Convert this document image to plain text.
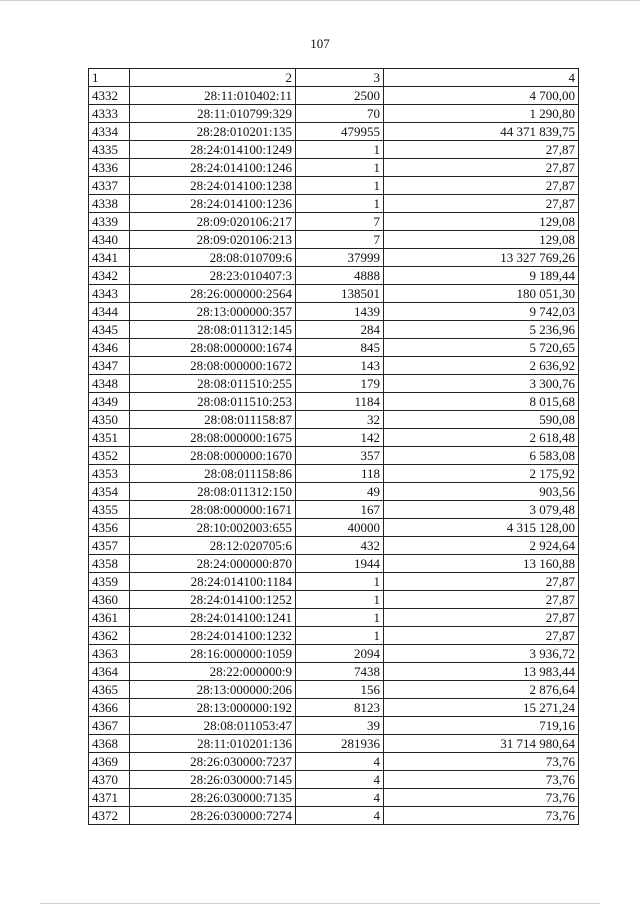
107
1	2	3	4
4332	28:11:010402:11	2500	4 700,00
4333	28:11:010799:329	70	1 290,80
4334	28:28:010201:135	479955	44 371 839,75
4335	28:24:014100:1249	1	27,87
4336	28:24:014100:1246	1	27,87
4337	28:24:014100:1238	1	27,87
4338	28:24:014100:1236	1	27,87
4339	28:09:020106:217	7	129,08
4340	28:09:020106:213	7	129,08
4341	28:08:010709:6	37999	13 327 769,26
4342	28:23:010407:3	4888	9 189,44
4343	28:26:000000:2564	138501	180 051,30
4344	28:13:000000:357	1439	9 742,03
4345	28:08:011312:145	284	5 236,96
4346	28:08:000000:1674	845	5 720,65
4347	28:08:000000:1672	143	2 636,92
4348	28:08:011510:255	179	3 300,76
4349	28:08:011510:253	1184	8 015,68
4350	28:08:011158:87	32	590,08
4351	28:08:000000:1675	142	2 618,48
4352	28:08:000000:1670	357	6 583,08
4353	28:08:011158:86	118	2 175,92
4354	28:08:011312:150	49	903,56
4355	28:08:000000:1671	167	3 079,48
4356	28:10:002003:655	40000	4 315 128,00
4357	28:12:020705:6	432	2 924,64
4358	28:24:000000:870	1944	13 160,88
4359	28:24:014100:1184	1	27,87
4360	28:24:014100:1252	1	27,87
4361	28:24:014100:1241	1	27,87
4362	28:24:014100:1232	1	27,87
4363	28:16:000000:1059	2094	3 936,72
4364	28:22:000000:9	7438	13 983,44
4365	28:13:000000:206	156	2 876,64
4366	28:13:000000:192	8123	15 271,24
4367	28:08:011053:47	39	719,16
4368	28:11:010201:136	281936	31 714 980,64
4369	28:26:030000:7237	4	73,76
4370	28:26:030000:7145	4	73,76
4371	28:26:030000:7135	4	73,76
4372	28:26:030000:7274	4	73,76
